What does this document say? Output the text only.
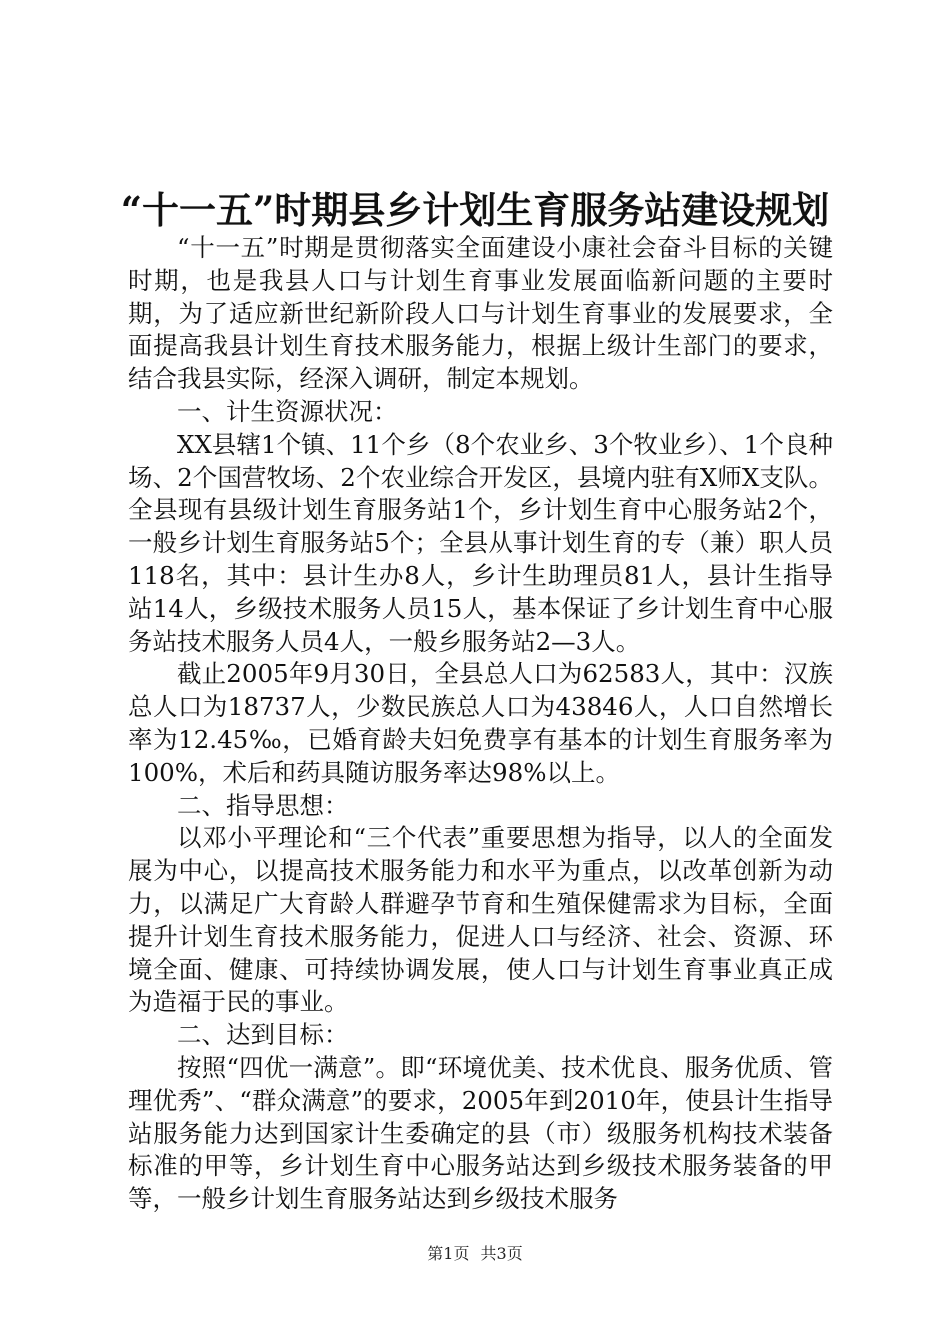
“十一五”时期县乡计划生育服务站建设规划

“十一五”时期是贯彻落实全面建设小康社会奋斗目标的关键时期，也是我县人口与计划生育事业发展面临新问题的主要时期，为了适应新世纪新阶段人口与计划生育事业的发展要求，全面提高我县计划生育技术服务能力，根据上级计生部门的要求，结合我县实际，经深入调研，制定本规划。

一、计生资源状况：

XX县辖1个镇、11个乡（8个农业乡、3个牧业乡）、1个良种场、2个国营牧场、2个农业综合开发区，县境内驻有X师X支队。全县现有县级计划生育服务站1个，乡计划生育中心服务站2个，一般乡计划生育服务站5个；全县从事计划生育的专（兼）职人员118名，其中：县计生办8人，乡计生助理员81人，县计生指导站14人，乡级技术服务人员15人，基本保证了乡计划生育中心服务站技术服务人员4人，一般乡服务站2—3人。

截止2005年9月30日，全县总人口为62583人，其中：汉族总人口为18737人，少数民族总人口为43846人，人口自然增长率为12.45‰，已婚育龄夫妇免费享有基本的计划生育服务率为100%，术后和药具随访服务率达98%以上。

二、指导思想：

以邓小平理论和“三个代表”重要思想为指导，以人的全面发展为中心，以提高技术服务能力和水平为重点，以改革创新为动力，以满足广大育龄人群避孕节育和生殖保健需求为目标，全面提升计划生育技术服务能力，促进人口与经济、社会、资源、环境全面、健康、可持续协调发展，使人口与计划生育事业真正成为造福于民的事业。

二、达到目标：

按照“四优一满意”。即“环境优美、技术优良、服务优质、管理优秀”、“群众满意”的要求，2005年到2010年，使县计生指导站服务能力达到国家计生委确定的县（市）级服务机构技术装备标准的甲等，乡计划生育中心服务站达到乡级技术服务装备的甲等，一般乡计划生育服务站达到乡级技术服务

第1页 共3页
